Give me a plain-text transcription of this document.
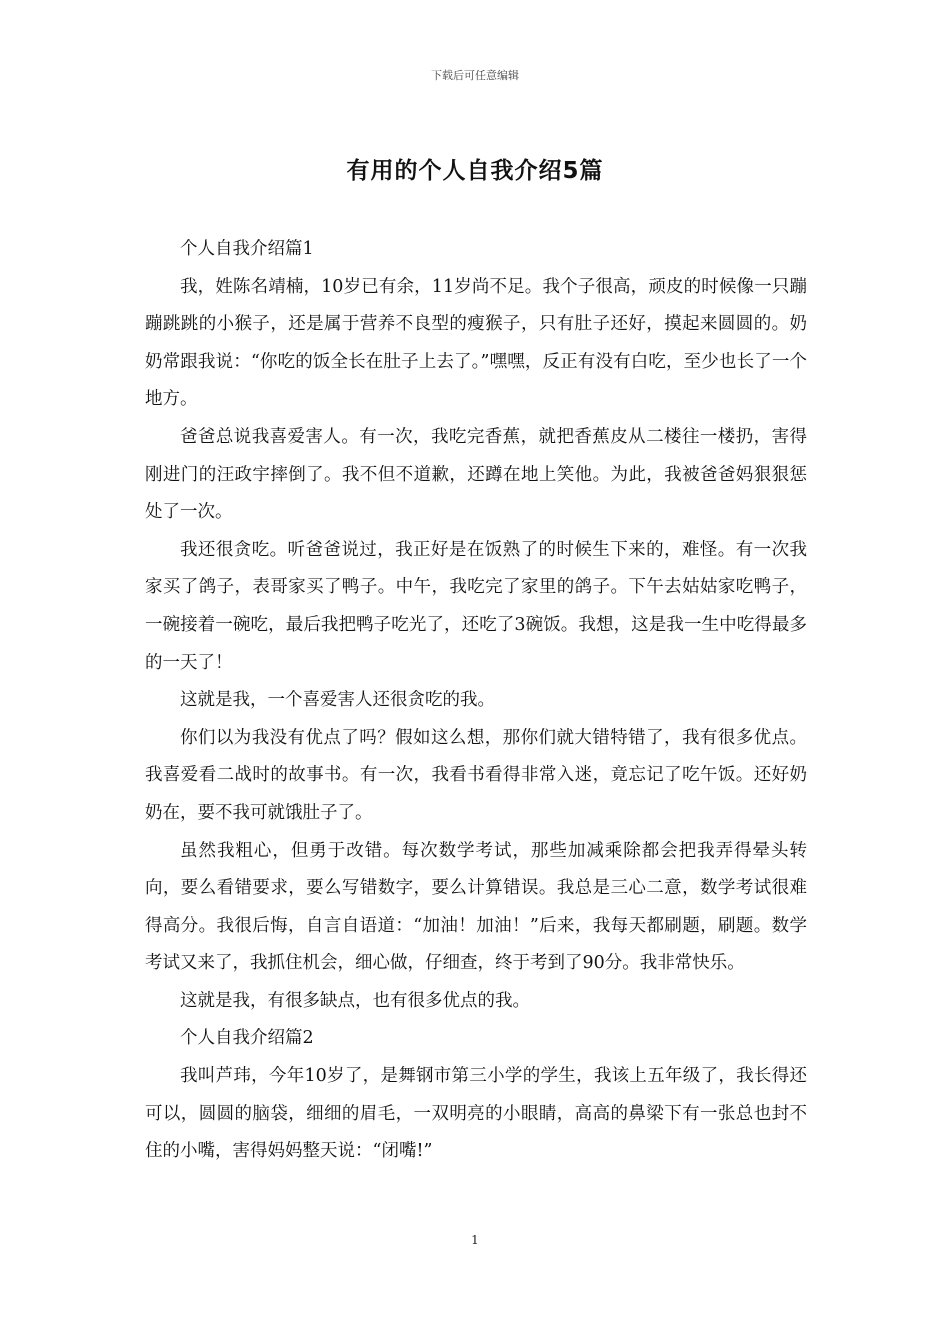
下载后可任意编辑
有用的个人自我介绍5篇

个人自我介绍篇1

我，姓陈名靖楠，10岁已有余，11岁尚不足。我个子很高，顽皮的时候像一只蹦蹦跳跳的小猴子，还是属于营养不良型的瘦猴子，只有肚子还好，摸起来圆圆的。奶奶常跟我说：“你吃的饭全长在肚子上去了。”嘿嘿，反正有没有白吃，至少也长了一个地方。

爸爸总说我喜爱害人。有一次，我吃完香蕉，就把香蕉皮从二楼往一楼扔，害得刚进门的汪政宇摔倒了。我不但不道歉，还蹲在地上笑他。为此，我被爸爸妈狠狠惩处了一次。

我还很贪吃。听爸爸说过，我正好是在饭熟了的时候生下来的，难怪。有一次我家买了鸽子，表哥家买了鸭子。中午，我吃完了家里的鸽子。下午去姑姑家吃鸭子，一碗接着一碗吃，最后我把鸭子吃光了，还吃了3碗饭。我想，这是我一生中吃得最多的一天了！

这就是我，一个喜爱害人还很贪吃的我。

你们以为我没有优点了吗？假如这么想，那你们就大错特错了，我有很多优点。我喜爱看二战时的故事书。有一次，我看书看得非常入迷，竟忘记了吃午饭。还好奶奶在，要不我可就饿肚子了。

虽然我粗心，但勇于改错。每次数学考试，那些加减乘除都会把我弄得晕头转向，要么看错要求，要么写错数字，要么计算错误。我总是三心二意，数学考试很难得高分。我很后悔，自言自语道：“加油！加油！”后来，我每天都刷题，刷题。数学考试又来了，我抓住机会，细心做，仔细查，终于考到了90分。我非常快乐。

这就是我，有很多缺点，也有很多优点的我。

个人自我介绍篇2

我叫芦玮，今年10岁了，是舞钢市第三小学的学生，我该上五年级了，我长得还可以，圆圆的脑袋，细细的眉毛，一双明亮的小眼睛，高高的鼻梁下有一张总也封不住的小嘴，害得妈妈整天说：“闭嘴!”

1
